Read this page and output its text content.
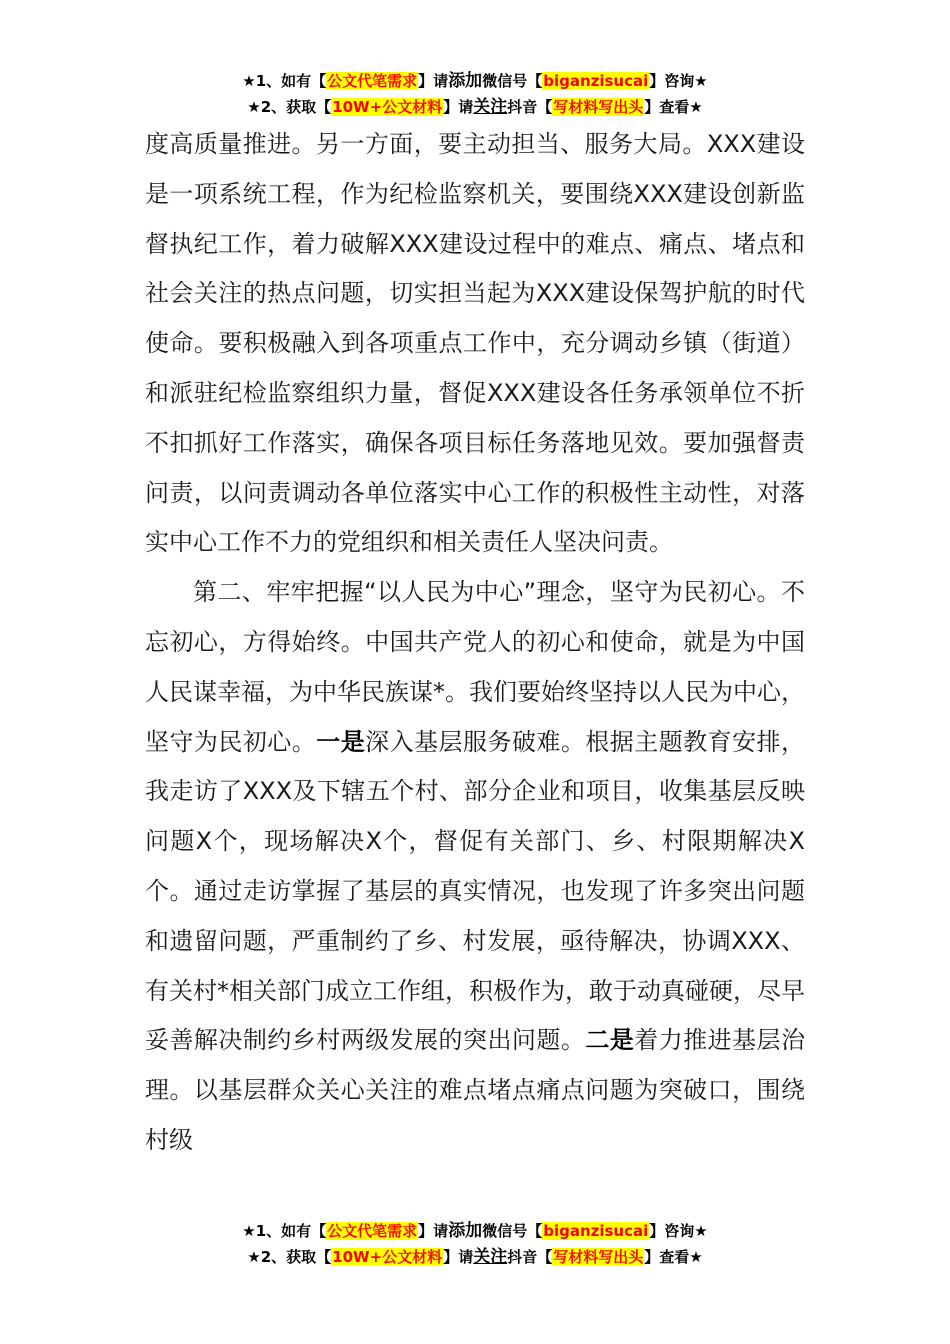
★1、如有【公文代笔需求】请添加微信号【biganzisucai】咨询★
★2、获取【10W+公文材料】请关注抖音【写材料写出头】查看★

度高质量推进。另一方面，要主动担当、服务大局。XXX建设是一项系统工程，作为纪检监察机关，要围绕XXX建设创新监督执纪工作，着力破解XXX建设过程中的难点、痛点、堵点和社会关注的热点问题，切实担当起为XXX建设保驾护航的时代使命。要积极融入到各项重点工作中，充分调动乡镇（街道）和派驻纪检监察组织力量，督促XXX建设各任务承领单位不折不扣抓好工作落实，确保各项目标任务落地见效。要加强督责问责，以问责调动各单位落实中心工作的积极性主动性，对落实中心工作不力的党组织和相关责任人坚决问责。

第二、牢牢把握“以人民为中心”理念，坚守为民初心。不忘初心，方得始终。中国共产党人的初心和使命，就是为中国人民谋幸福，为中华民族谋*。我们要始终坚持以人民为中心，坚守为民初心。一是深入基层服务破难。根据主题教育安排，我走访了XXX及下辖五个村、部分企业和项目，收集基层反映问题X个，现场解决X个，督促有关部门、乡、村限期解决X个。通过走访掌握了基层的真实情况，也发现了许多突出问题和遗留问题，严重制约了乡、村发展，亟待解决，协调XXX、有关村*相关部门成立工作组，积极作为，敢于动真碰硬，尽早妥善解决制约乡村两级发展的突出问题。二是着力推进基层治理。以基层群众关心关注的难点堵点痛点问题为突破口，围绕村级

★1、如有【公文代笔需求】请添加微信号【biganzisucai】咨询★
★2、获取【10W+公文材料】请关注抖音【写材料写出头】查看★
